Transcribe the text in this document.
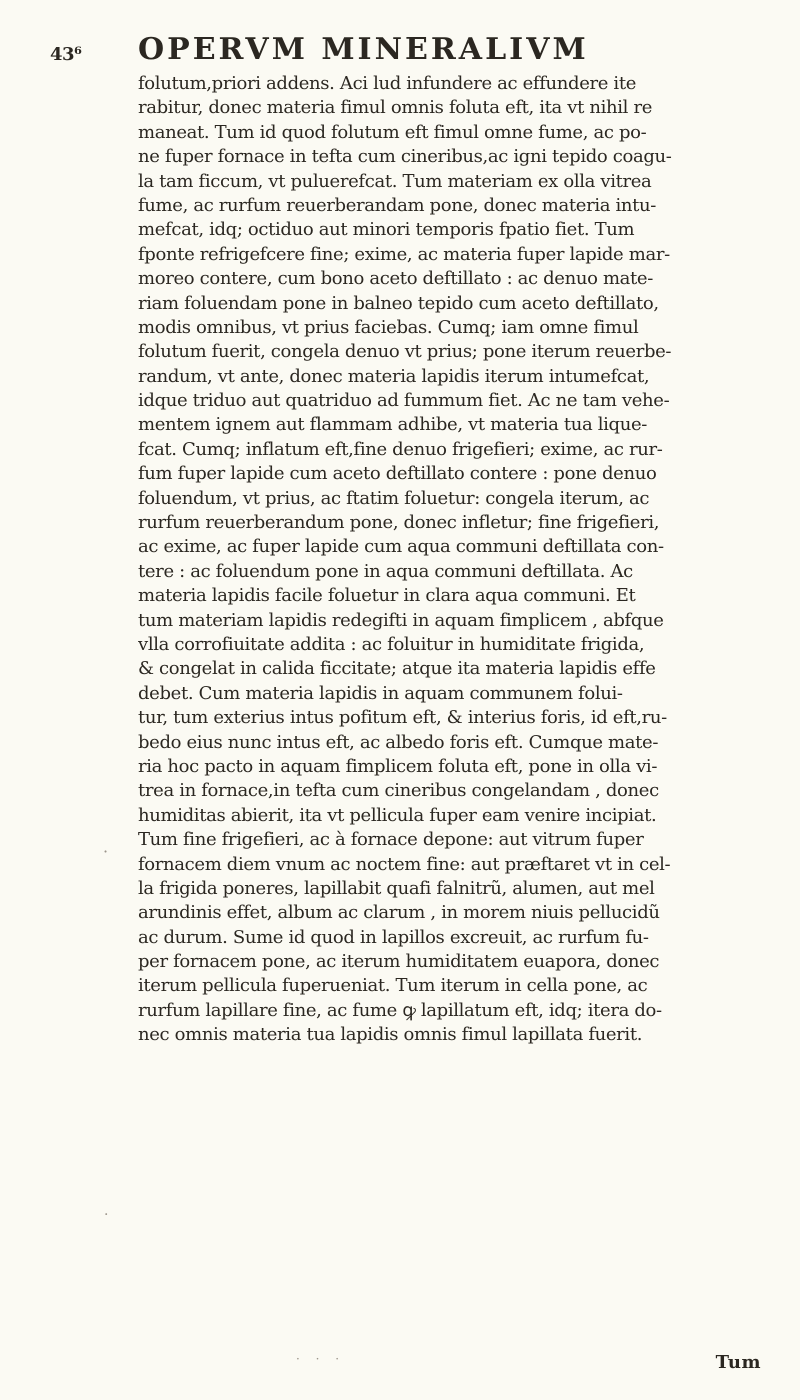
43⁶ OPERVM MINERALIVM
folutum,priori addens. Aci lud infundere ac effundere ite
rabitur, donec materia fimul omnis foluta eft, ita vt nihil re
maneat. Tum id quod folutum eft fimul omne fume, ac po-
ne fuper fornace in tefta cum cineribus,ac igni tepido coagu-
la tam ficcum, vt puluerefcat. Tum materiam ex olla vitrea
fume, ac rurfum reuerberandam pone, donec materia intu-
mefcat, idq; octiduo aut minori temporis fpatio fiet. Tum
fponte refrigefcere fine; exime, ac materia fuper lapide mar-
moreo contere, cum bono aceto deftillato : ac denuo mate-
riam foluendam pone in balneo tepido cum aceto deftillato,
modis omnibus, vt prius faciebas. Cumq; iam omne fimul
folutum fuerit, congela denuo vt prius; pone iterum reuerbe-
randum, vt ante, donec materia lapidis iterum intumefcat,
idque triduo aut quatriduo ad fummum fiet. Ac ne tam vehe-
mentem ignem aut flammam adhibe, vt materia tua lique-
fcat. Cumq; inflatum eft,fine denuo frigefieri; exime, ac rur-
fum fuper lapide cum aceto deftillato contere : pone denuo
foluendum, vt prius, ac ftatim foluetur: congela iterum, ac
rurfum reuerberandum pone, donec infletur; fine frigefieri,
ac exime, ac fuper lapide cum aqua communi deftillata con-
tere : ac foluendum pone in aqua communi deftillata. Ac
materia lapidis facile foluetur in clara aqua communi. Et
tum materiam lapidis redegifti in aquam fimplicem , abfque
vlla corrofiuitate addita : ac foluitur in humiditate frigida,
& congelat in calida ficcitate; atque ita materia lapidis effe
debet. Cum materia lapidis in aquam communem folui-
tur, tum exterius intus pofitum eft, & interius foris, id eft,ru-
bedo eius nunc intus eft, ac albedo foris eft. Cumque mate-
ria hoc pacto in aquam fimplicem foluta eft, pone in olla vi-
trea in fornace,in tefta cum cineribus congelandam , donec
humiditas abierit, ita vt pellicula fuper eam venire incipiat.
Tum fine frigefieri, ac à fornace depone: aut vitrum fuper
fornacem diem vnum ac noctem fine: aut præftaret vt in cel-
la frigida poneres, lapillabit quafi falnitrũ, alumen, aut mel
arundinis effet, album ac clarum , in morem niuis pellucidũ
ac durum. Sume id quod in lapillos excreuit, ac rurfum fu-
per fornacem pone, ac iterum humiditatem euapora, donec
iterum pellicula fuperueniat. Tum iterum in cella pone, ac
rurfum lapillare fine, ac fume ꝙ lapillatum eft, idq; itera do-
nec omnis materia tua lapidis omnis fimul lapillata fuerit.
Tum
·
·
· · ·
